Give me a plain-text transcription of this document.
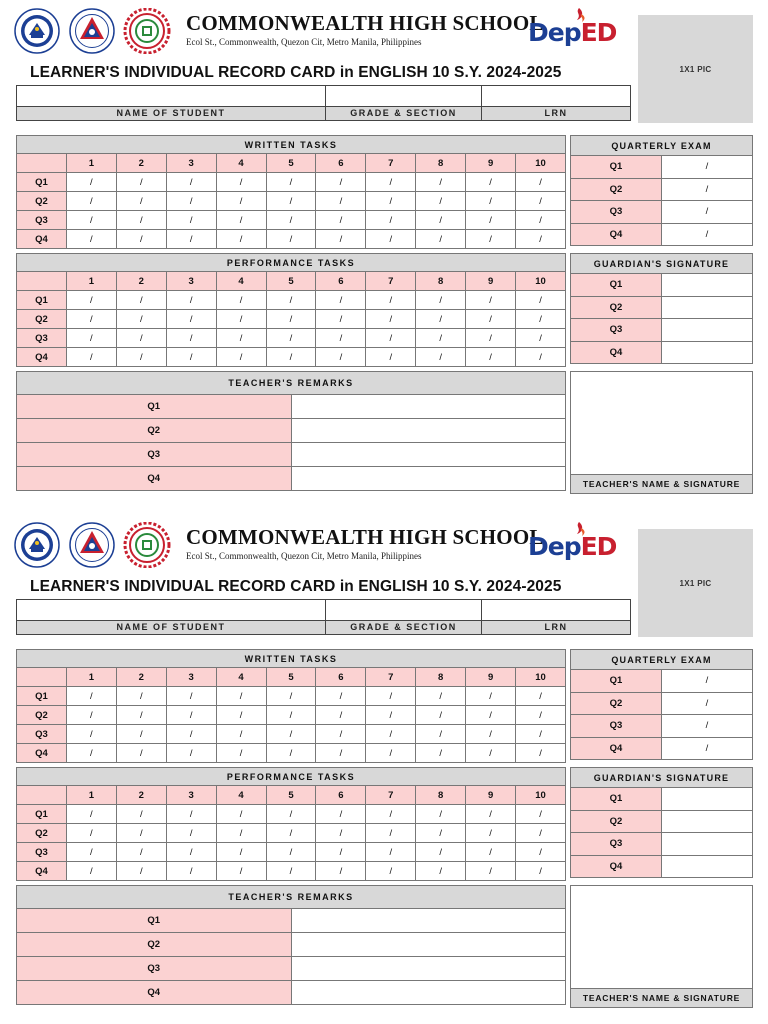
COMMONWEALTH HIGH SCHOOL
Ecol St., Commonwealth, Quezon Cit, Metro Manila, Philippines	DepED
1X1 PIC
LEARNER'S INDIVIDUAL RECORD CARD in ENGLISH 10 S.Y. 2024-2025
NAME OF STUDENT	GRADE & SECTION	LRN
WRITTEN TASKS										
	1	2	3	4	5	6	7	8	9	10
Q1	/	/	/	/	/	/	/	/	/	/
Q2	/	/	/	/	/	/	/	/	/	/
Q3	/	/	/	/	/	/	/	/	/	/
Q4	/	/	/	/	/	/	/	/	/	/
PERFORMANCE TASKS										
	1	2	3	4	5	6	7	8	9	10
Q1	/	/	/	/	/	/	/	/	/	/
Q2	/	/	/	/	/	/	/	/	/	/
Q3	/	/	/	/	/	/	/	/	/	/
Q4	/	/	/	/	/	/	/	/	/	/
QUARTERLY EXAM	
Q1	/
Q2	/
Q3	/
Q4	/
GUARDIAN'S SIGNATURE	
Q1	
Q2	
Q3	
Q4	
TEACHER'S REMARKS	
Q1	
Q2	
Q3	
Q4		TEACHER'S NAME & SIGNATURE
COMMONWEALTH HIGH SCHOOL
Ecol St., Commonwealth, Quezon Cit, Metro Manila, Philippines	DepED
1X1 PIC
LEARNER'S INDIVIDUAL RECORD CARD in ENGLISH 10 S.Y. 2024-2025
NAME OF STUDENT	GRADE & SECTION	LRN
WRITTEN TASKS										
	1	2	3	4	5	6	7	8	9	10
Q1	/	/	/	/	/	/	/	/	/	/
Q2	/	/	/	/	/	/	/	/	/	/
Q3	/	/	/	/	/	/	/	/	/	/
Q4	/	/	/	/	/	/	/	/	/	/
PERFORMANCE TASKS										
	1	2	3	4	5	6	7	8	9	10
Q1	/	/	/	/	/	/	/	/	/	/
Q2	/	/	/	/	/	/	/	/	/	/
Q3	/	/	/	/	/	/	/	/	/	/
Q4	/	/	/	/	/	/	/	/	/	/
QUARTERLY EXAM	
Q1	/
Q2	/
Q3	/
Q4	/
GUARDIAN'S SIGNATURE	
Q1	
Q2	
Q3	
Q4	
TEACHER'S REMARKS	
Q1	
Q2	
Q3	
Q4		TEACHER'S NAME & SIGNATURE
